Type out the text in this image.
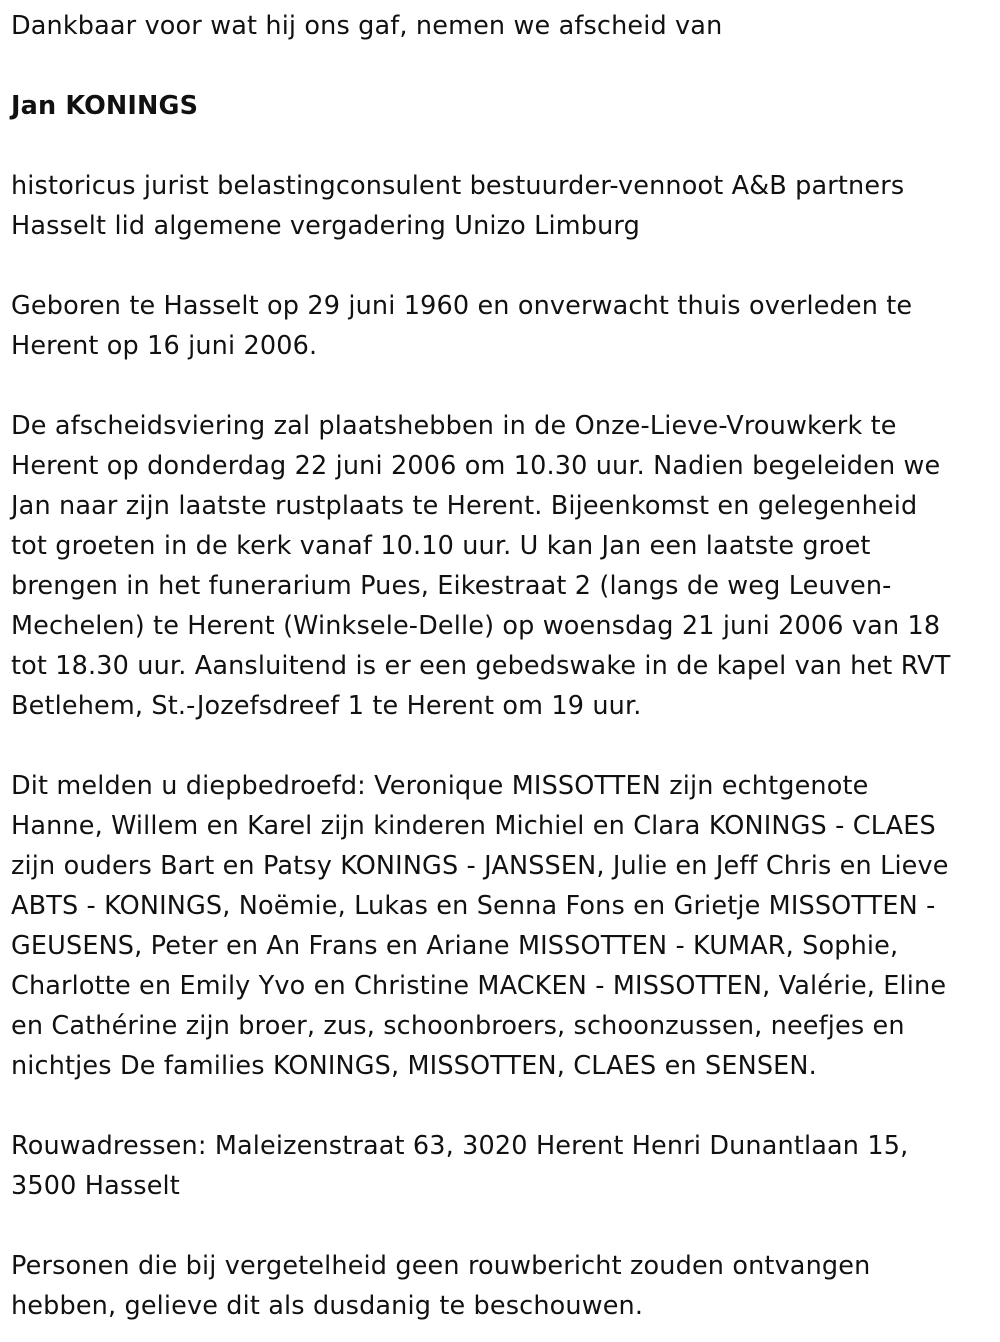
Dankbaar voor wat hij ons gaf, nemen we afscheid van
Jan KONINGS
historicus jurist belastingconsulent bestuurder-vennoot A&B partners
Hasselt lid algemene vergadering Unizo Limburg
Geboren te Hasselt op 29 juni 1960 en onverwacht thuis overleden te
Herent op 16 juni 2006.
De afscheidsviering zal plaatshebben in de Onze-Lieve-Vrouwkerk te
Herent op donderdag 22 juni 2006 om 10.30 uur. Nadien begeleiden we
Jan naar zijn laatste rustplaats te Herent. Bijeenkomst en gelegenheid
tot groeten in de kerk vanaf 10.10 uur. U kan Jan een laatste groet
brengen in het funerarium Pues, Eikestraat 2 (langs de weg Leuven-
Mechelen) te Herent (Winksele-Delle) op woensdag 21 juni 2006 van 18
tot 18.30 uur. Aansluitend is er een gebedswake in de kapel van het RVT
Betlehem, St.-Jozefsdreef 1 te Herent om 19 uur.
Dit melden u diepbedroefd: Veronique MISSOTTEN zijn echtgenote
Hanne, Willem en Karel zijn kinderen Michiel en Clara KONINGS - CLAES
zijn ouders Bart en Patsy KONINGS - JANSSEN, Julie en Jeff Chris en Lieve
ABTS - KONINGS, Noëmie, Lukas en Senna Fons en Grietje MISSOTTEN -
GEUSENS, Peter en An Frans en Ariane MISSOTTEN - KUMAR, Sophie,
Charlotte en Emily Yvo en Christine MACKEN - MISSOTTEN, Valérie, Eline
en Cathérine zijn broer, zus, schoonbroers, schoonzussen, neefjes en
nichtjes De families KONINGS, MISSOTTEN, CLAES en SENSEN.
Rouwadressen: Maleizenstraat 63, 3020 Herent Henri Dunantlaan 15,
3500 Hasselt
Personen die bij vergetelheid geen rouwbericht zouden ontvangen
hebben, gelieve dit als dusdanig te beschouwen.
